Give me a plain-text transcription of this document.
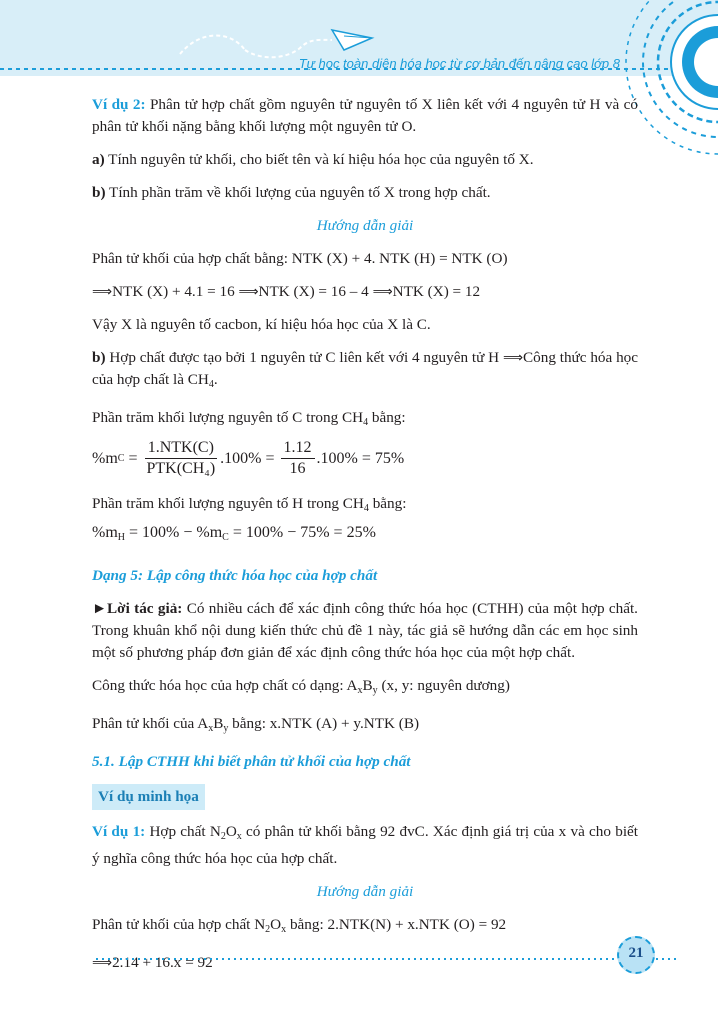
Tự học toàn diện hóa học từ cơ bản đến nâng cao lớp 8

Ví dụ 2: Phân tử hợp chất gồm nguyên tử nguyên tố X liên kết với 4 nguyên tử H và có phân tử khối nặng bằng khối lượng một nguyên tử O.

a) Tính nguyên tử khối, cho biết tên và kí hiệu hóa học của nguyên tố X.

b) Tính phần trăm về khối lượng của nguyên tố X trong hợp chất.

Hướng dẫn giải

Phân tử khối của hợp chất bằng: NTK (X) + 4. NTK (H) = NTK (O)

⟹NTK (X) + 4.1 = 16 ⟹NTK (X) = 16 – 4 ⟹NTK (X) = 12

Vậy X là nguyên tố cacbon, kí hiệu hóa học của X là C.

b) Hợp chất được tạo bởi 1 nguyên tử C liên kết với 4 nguyên tử H ⟹Công thức hóa học của hợp chất là $CH_4$.

Phần trăm khối lượng nguyên tố C trong $CH_4$ bằng:

%m $C = \frac{\text{1.NTK(C)}}{\text{PTK(CH₄)}} .100\% = \frac{1.12}{16} .100\% = 75\%$

Phần trăm khối lượng nguyên tố H trong $CH_4$ bằng:

$\%m_H = 100\% - \%m_C = 100\% - 75\% = 25\%$

Dạng 5: Lập công thức hóa học của hợp chất

►Lời tác giả: Có nhiều cách để xác định công thức hóa học (CTHH) của một hợp chất. Trong khuân khổ nội dung kiến thức chủ đề 1 này, tác giả sẽ hướng dẫn các em học sinh một số phương pháp đơn giản để xác định công thức hóa học của một hợp chất.

Công thức hóa học của hợp chất có dạng: $A_xB_y$ (x, y: nguyên dương)

Phân tử khối của $A_xB_y$ bằng: x.NTK (A) + y.NTK (B)

5.1. Lập CTHH khi biết phân tử khối của hợp chất

Ví dụ minh họa

Ví dụ 1: Hợp chất $N_2O_x$ có phân tử khối bằng 92 đvC. Xác định giá trị của x và cho biết ý nghĩa công thức hóa học của hợp chất.

Hướng dẫn giải

Phân tử khối của hợp chất $N_2O_x$ bằng: 2.NTK(N) + x.NTK (O) = 92

⟹2.14 + 16.x = 92

21
